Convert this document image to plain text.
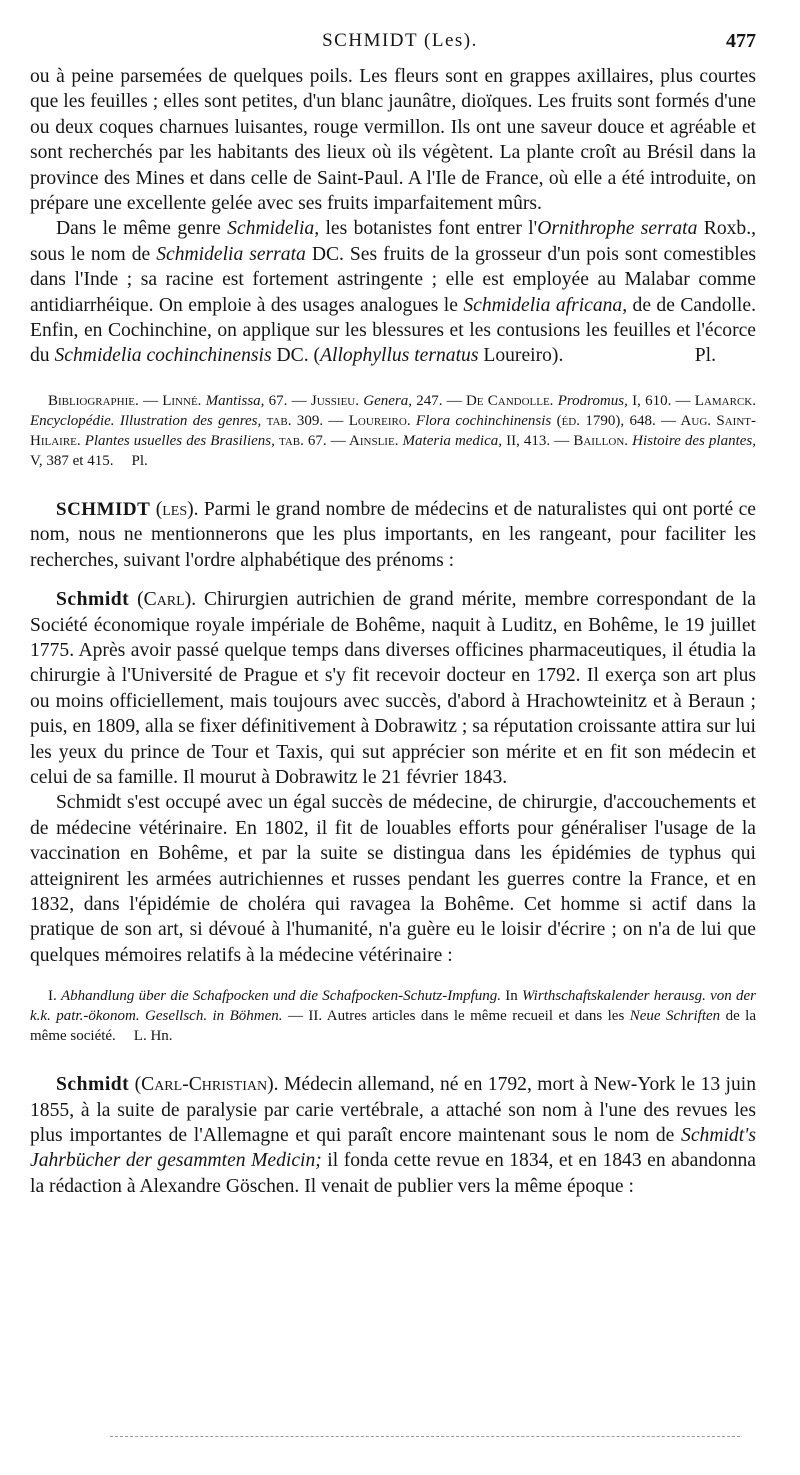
SCHMIDT (Les).	477

ou à peine parsemées de quelques poils. Les fleurs sont en grappes axillaires, plus courtes que les feuilles ; elles sont petites, d'un blanc jaunâtre, dioïques. Les fruits sont formés d'une ou deux coques charnues luisantes, rouge vermillon. Ils ont une saveur douce et agréable et sont recherchés par les habitants des lieux où ils végètent. La plante croît au Brésil dans la province des Mines et dans celle de Saint-Paul. A l'Ile de France, où elle a été introduite, on prépare une excellente gelée avec ses fruits imparfaitement mûrs.

Dans le même genre Schmidelia, les botanistes font entrer l'Ornithrophe serrata Roxb., sous le nom de Schmidelia serrata DC. Ses fruits de la grosseur d'un pois sont comestibles dans l'Inde ; sa racine est fortement astringente ; elle est employée au Malabar comme antidiarrhéique. On emploie à des usages analogues le Schmidelia africana, de de Candolle. Enfin, en Cochinchine, on applique sur les blessures et les contusions les feuilles et l'écorce du Schmidelia cochinchinensis DC. (Allophyllus ternatus Loureiro).	Pl.

Bibliographie. — Linné. Mantissa, 67. — Jussieu. Genera, 247. — De Candolle. Prodromus, I, 610. — Lamarck. Encyclopédie. Illustration des genres, tab. 309. — Loureiro. Flora cochinchinensis (éd. 1790), 648. — Aug. Saint-Hilaire. Plantes usuelles des Brasiliens, tab. 67. — Ainslie. Materia medica, II, 413. — Baillon. Histoire des plantes, V, 387 et 415. Pl.

SCHMIDT (les). Parmi le grand nombre de médecins et de naturalistes qui ont porté ce nom, nous ne mentionnerons que les plus importants, en les rangeant, pour faciliter les recherches, suivant l'ordre alphabétique des prénoms :

Schmidt (Carl). Chirurgien autrichien de grand mérite, membre correspondant de la Société économique royale impériale de Bohême, naquit à Luditz, en Bohême, le 19 juillet 1775. Après avoir passé quelque temps dans diverses officines pharmaceutiques, il étudia la chirurgie à l'Université de Prague et s'y fit recevoir docteur en 1792. Il exerça son art plus ou moins officiellement, mais toujours avec succès, d'abord à Hrachowteinitz et à Beraun ; puis, en 1809, alla se fixer définitivement à Dobrawitz ; sa réputation croissante attira sur lui les yeux du prince de Tour et Taxis, qui sut apprécier son mérite et en fit son médecin et celui de sa famille. Il mourut à Dobrawitz le 21 février 1843.

Schmidt s'est occupé avec un égal succès de médecine, de chirurgie, d'accouchements et de médecine vétérinaire. En 1802, il fit de louables efforts pour généraliser l'usage de la vaccination en Bohême, et par la suite se distingua dans les épidémies de typhus qui atteignirent les armées autrichiennes et russes pendant les guerres contre la France, et en 1832, dans l'épidémie de choléra qui ravagea la Bohême. Cet homme si actif dans la pratique de son art, si dévoué à l'humanité, n'a guère eu le loisir d'écrire ; on n'a de lui que quelques mémoires relatifs à la médecine vétérinaire :

I. Abhandlung über die Schafpocken und die Schafpocken-Schutz-Impfung. In Wirthschaftskalender herausg. von der k.k. patr.-ökonom. Gesellsch. in Böhmen. — II. Autres articles dans le même recueil et dans les Neue Schriften de la même société. L. Hn.

Schmidt (Carl-Christian). Médecin allemand, né en 1792, mort à New-York le 13 juin 1855, à la suite de paralysie par carie vertébrale, a attaché son nom à l'une des revues les plus importantes de l'Allemagne et qui paraît encore maintenant sous le nom de Schmidt's Jahrbücher der gesammten Medicin; il fonda cette revue en 1834, et en 1843 en abandonna la rédaction à Alexandre Göschen. Il venait de publier vers la même époque :
